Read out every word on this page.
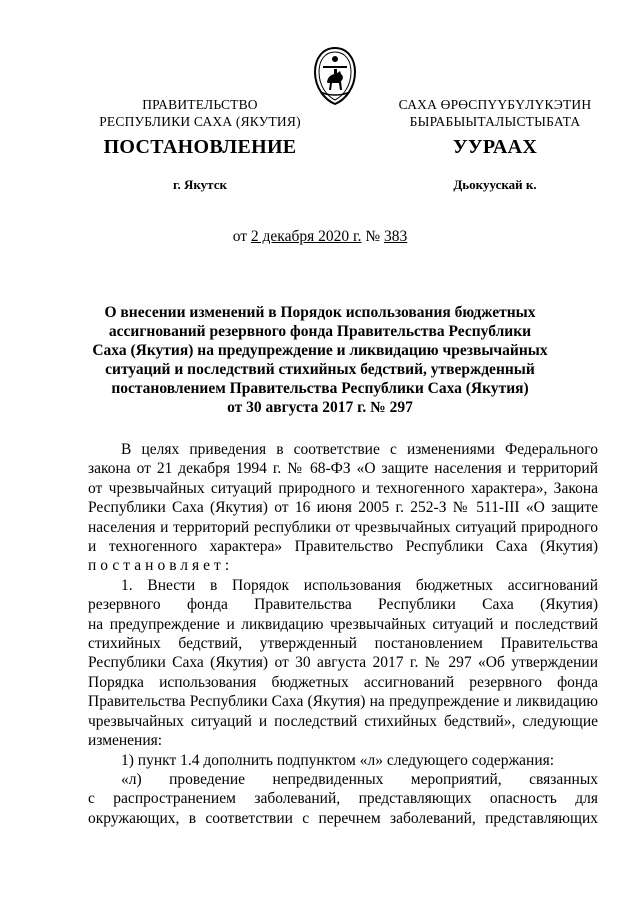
ПРАВИТЕЛЬСТВО
РЕСПУБЛИКИ САХА (ЯКУТИЯ)
САХА ӨРӨСПҮҮБҮЛҮКЭТИН
БЫРАБЫЫТАЛЫСТЫБАТА
ПОСТАНОВЛЕНИЕ	УУРААХ
г. Якутск	Дьокуускай к.
от 2 декабря 2020 г. № 383
О внесении изменений в Порядок использования бюджетных
ассигнований резервного фонда Правительства Республики
Саха (Якутия) на предупреждение и ликвидацию чрезвычайных
ситуаций и последствий стихийных бедствий, утвержденный
постановлением Правительства Республики Саха (Якутия)
от 30 августа 2017 г. № 297
В целях приведения в соответствие с изменениями Федерального
закона от 21 декабря 1994 г. № 68-ФЗ «О защите населения и территорий
от чрезвычайных ситуаций природного и техногенного характера», Закона
Республики Саха (Якутия) от 16 июня 2005 г. 252-З № 511-III «О защите
населения и территорий республики от чрезвычайных ситуаций природного
и техногенного характера» Правительство Республики Саха (Якутия)
постановляет:
1. Внести в Порядок использования бюджетных ассигнований
резервного фонда Правительства Республики Саха (Якутия)
на предупреждение и ликвидацию чрезвычайных ситуаций и последствий
стихийных бедствий, утвержденный постановлением Правительства
Республики Саха (Якутия) от 30 августа 2017 г. № 297 «Об утверждении
Порядка использования бюджетных ассигнований резервного фонда
Правительства Республики Саха (Якутия) на предупреждение и ликвидацию
чрезвычайных ситуаций и последствий стихийных бедствий», следующие
изменения:
1) пункт 1.4 дополнить подпунктом «л» следующего содержания:
«л) проведение непредвиденных мероприятий, связанных
с распространением заболеваний, представляющих опасность для
окружающих, в соответствии с перечнем заболеваний, представляющих
